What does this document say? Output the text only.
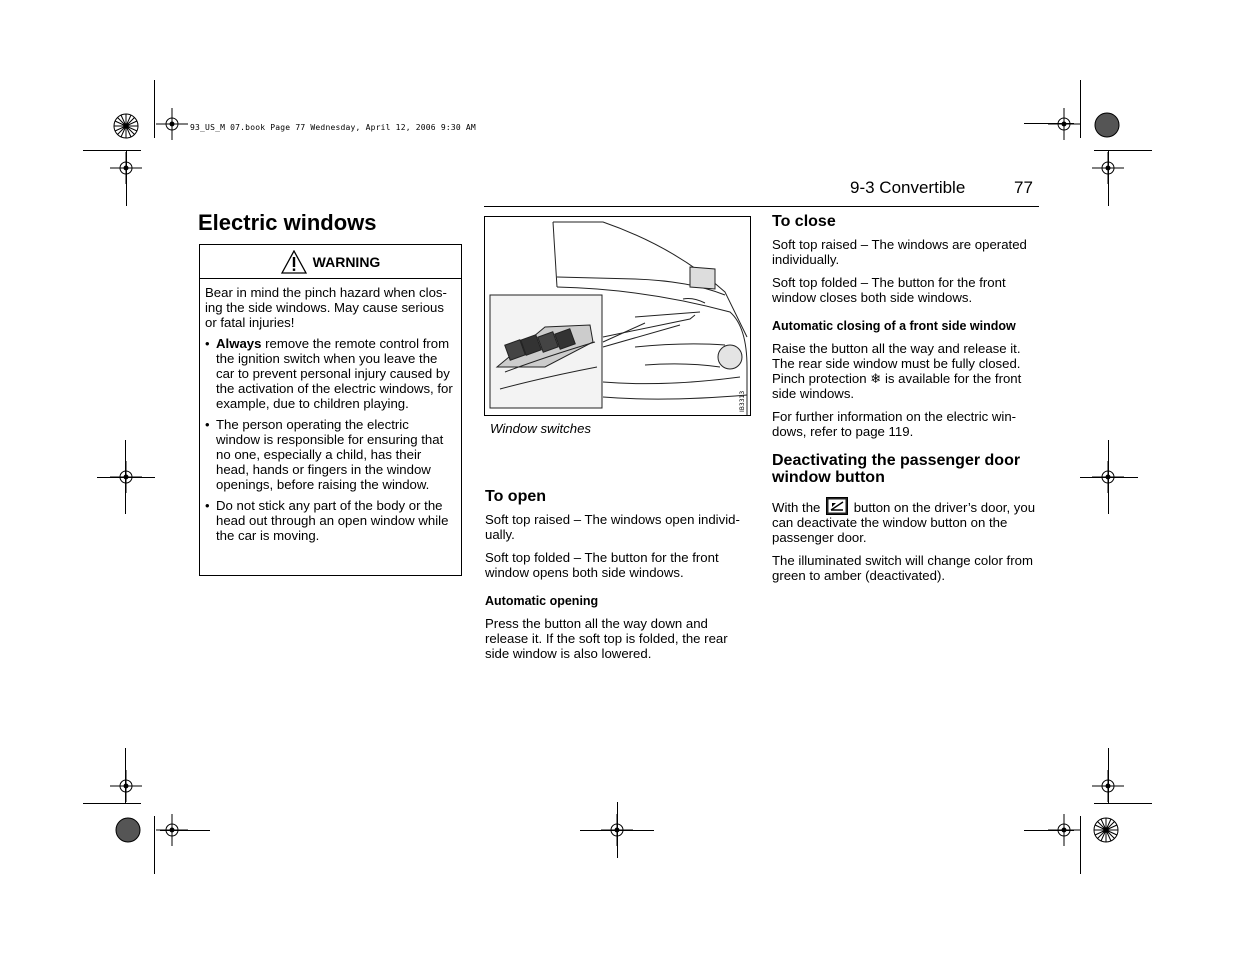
93_US_M 07.book Page 77 Wednesday, April 12, 2006 9:30 AM
9-3 Convertible	77
Electric windows
WARNING

Bear in mind the pinch hazard when clos-ing the side windows. May cause serious or fatal injuries!

• Always remove the remote control from the ignition switch when you leave the car to prevent personal injury caused by the activation of the electric windows, for example, due to children playing.
• The person operating the electric window is responsible for ensuring that no one, especially a child, has their head, hands or fingers in the window openings, before raising the window.
• Do not stick any part of the body or the head out through an open window while the car is moving.
IB3313
Window switches
To open

Soft top raised – The windows open individ-ually.

Soft top folded – The button for the front window opens both side windows.

Automatic opening

Press the button all the way down and release it. If the soft top is folded, the rear side window is also lowered.

To close

Soft top raised – The windows are operated individually.

Soft top folded – The button for the front window closes both side windows.

Automatic closing of a front side window

Raise the button all the way and release it. The rear side window must be fully closed. Pinch protection ❄ is available for the front side windows.

For further information on the electric win-dows, refer to page 119.

Deactivating the passenger door window button

With the
button on the driver’s door, you can deactivate the window button on the passenger door.

The illuminated switch will change color from green to amber (deactivated).
